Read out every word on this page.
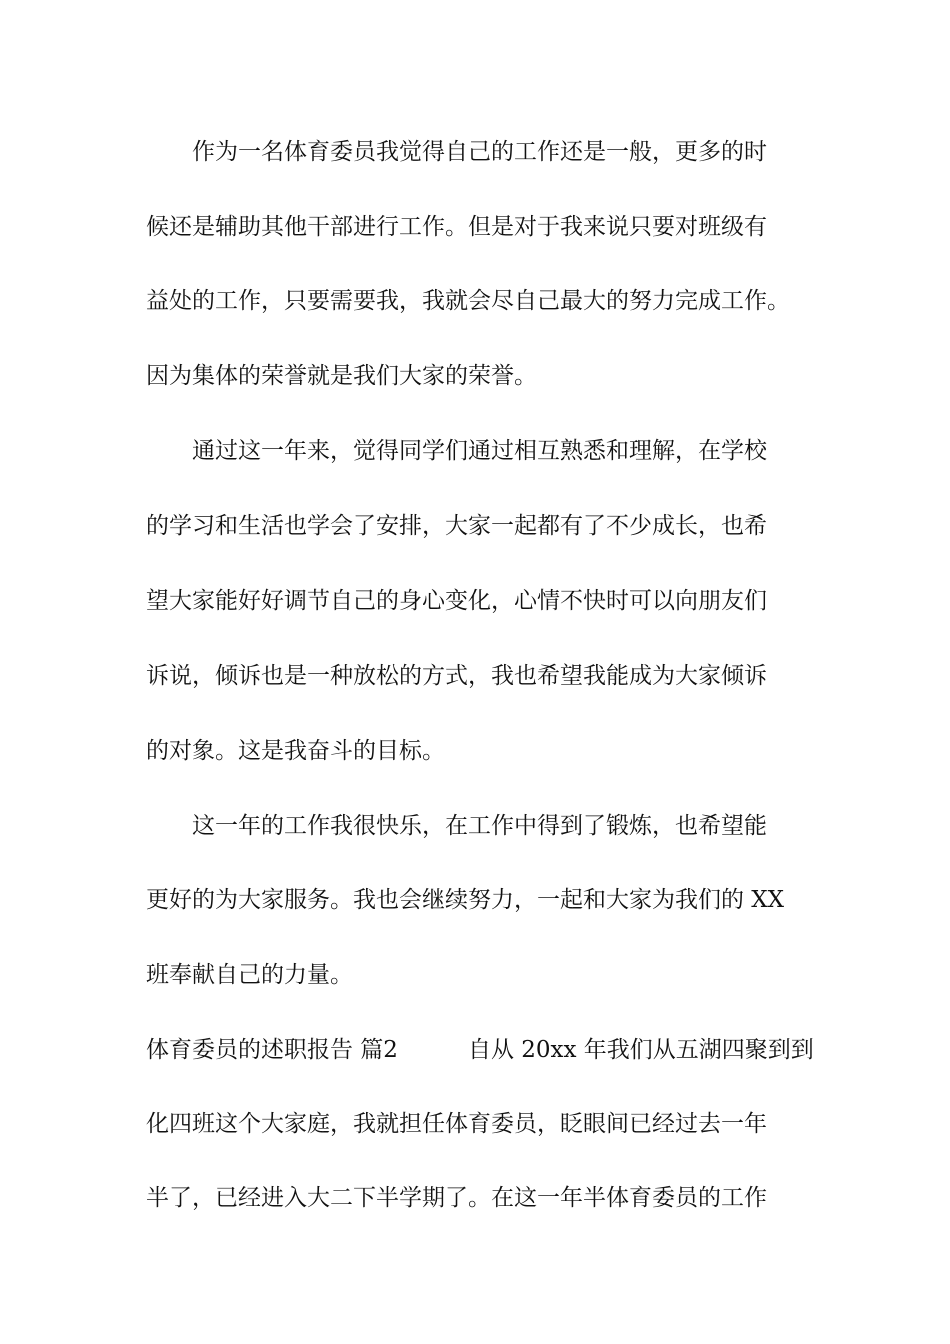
作为一名体育委员我觉得自己的工作还是一般，更多的时
候还是辅助其他干部进行工作。但是对于我来说只要对班级有
益处的工作，只要需要我，我就会尽自己最大的努力完成工作。
因为集体的荣誉就是我们大家的荣誉。
通过这一年来，觉得同学们通过相互熟悉和理解，在学校
的学习和生活也学会了安排，大家一起都有了不少成长，也希
望大家能好好调节自己的身心变化，心情不快时可以向朋友们
诉说，倾诉也是一种放松的方式，我也希望我能成为大家倾诉
的对象。这是我奋斗的目标。
这一年的工作我很快乐，在工作中得到了锻炼，也希望能
更好的为大家服务。我也会继续努力，一起和大家为我们的 XX
班奉献自己的力量。
体育委员的述职报告 篇2	自从 20xx 年我们从五湖四聚到到
化四班这个大家庭，我就担任体育委员，眨眼间已经过去一年
半了，已经进入大二下半学期了。在这一年半体育委员的工作
